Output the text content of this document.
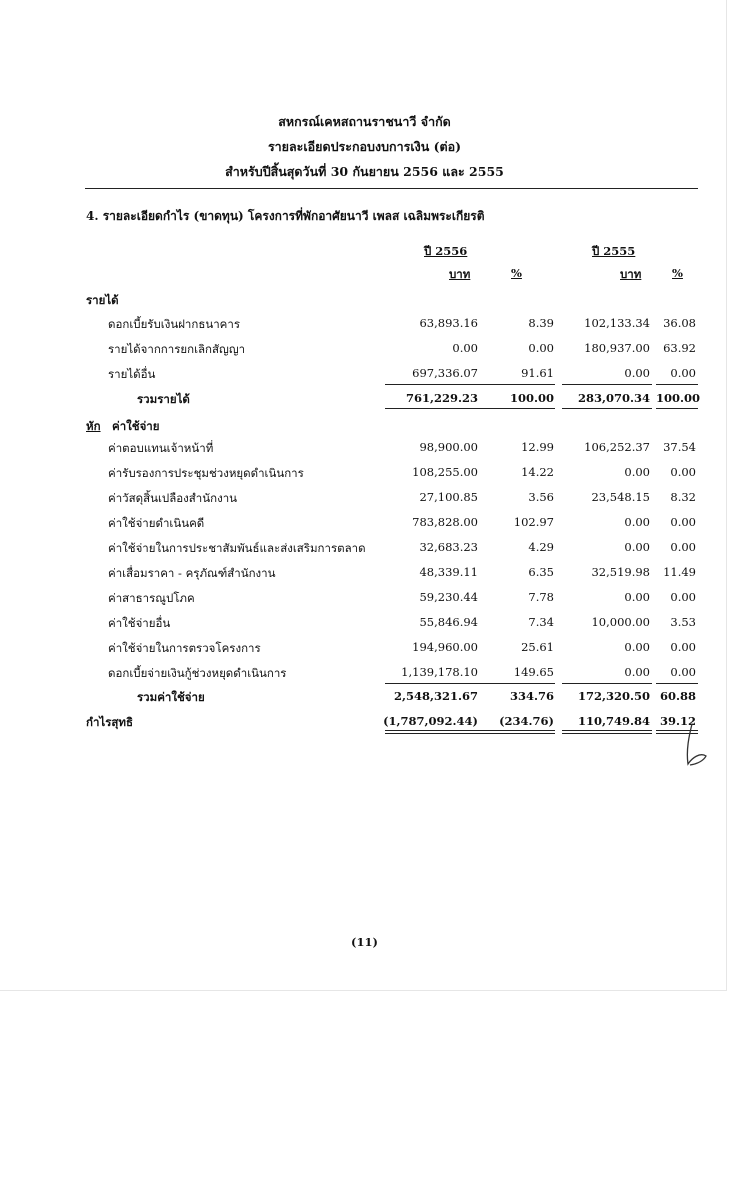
สหกรณ์เคหสถานราชนาวี จำกัด
รายละเอียดประกอบงบการเงิน (ต่อ)
สำหรับปีสิ้นสุดวันที่ 30 กันยายน 2556 และ 2555
4. รายละเอียดกำไร (ขาดทุน) โครงการที่พักอาศัยนาวี เพลส เฉลิมพระเกียรติ
ปี 2556	ปี 2555
บาท	%	บาท	%
รายได้
ดอกเบี้ยรับเงินฝากธนาคาร	63,893.16	8.39	102,133.34	36.08
รายได้จากการยกเลิกสัญญา	0.00	0.00	180,937.00	63.92
รายได้อื่น	697,336.07	91.61	0.00	0.00
รวมรายได้	761,229.23	100.00	283,070.34 100.00
หัก ค่าใช้จ่าย
ค่าตอบแทนเจ้าหน้าที่	98,900.00	12.99	106,252.37	37.54
ค่ารับรองการประชุมช่วงหยุดดำเนินการ	108,255.00	14.22	0.00	0.00
ค่าวัสดุสิ้นเปลืองสำนักงาน	27,100.85	3.56	23,548.15	8.32
ค่าใช้จ่ายดำเนินคดี	783,828.00	102.97	0.00	0.00
ค่าใช้จ่ายในการประชาสัมพันธ์และส่งเสริมการตลาด	32,683.23	4.29	0.00	0.00
ค่าเสื่อมราคา - ครุภัณฑ์สำนักงาน	48,339.11	6.35	32,519.98	11.49
ค่าสาธารณูปโภค	59,230.44	7.78	0.00	0.00
ค่าใช้จ่ายอื่น	55,846.94	7.34	10,000.00	3.53
ค่าใช้จ่ายในการตรวจโครงการ	194,960.00	25.61	0.00	0.00
ดอกเบี้ยจ่ายเงินกู้ช่วงหยุดดำเนินการ	1,139,178.10	149.65	0.00	0.00
รวมค่าใช้จ่าย	2,548,321.67	334.76	172,320.50 60.88
กำไรสุทธิ	(1,787,092.44)	(234.76)	110,749.84 39.12
(11)
